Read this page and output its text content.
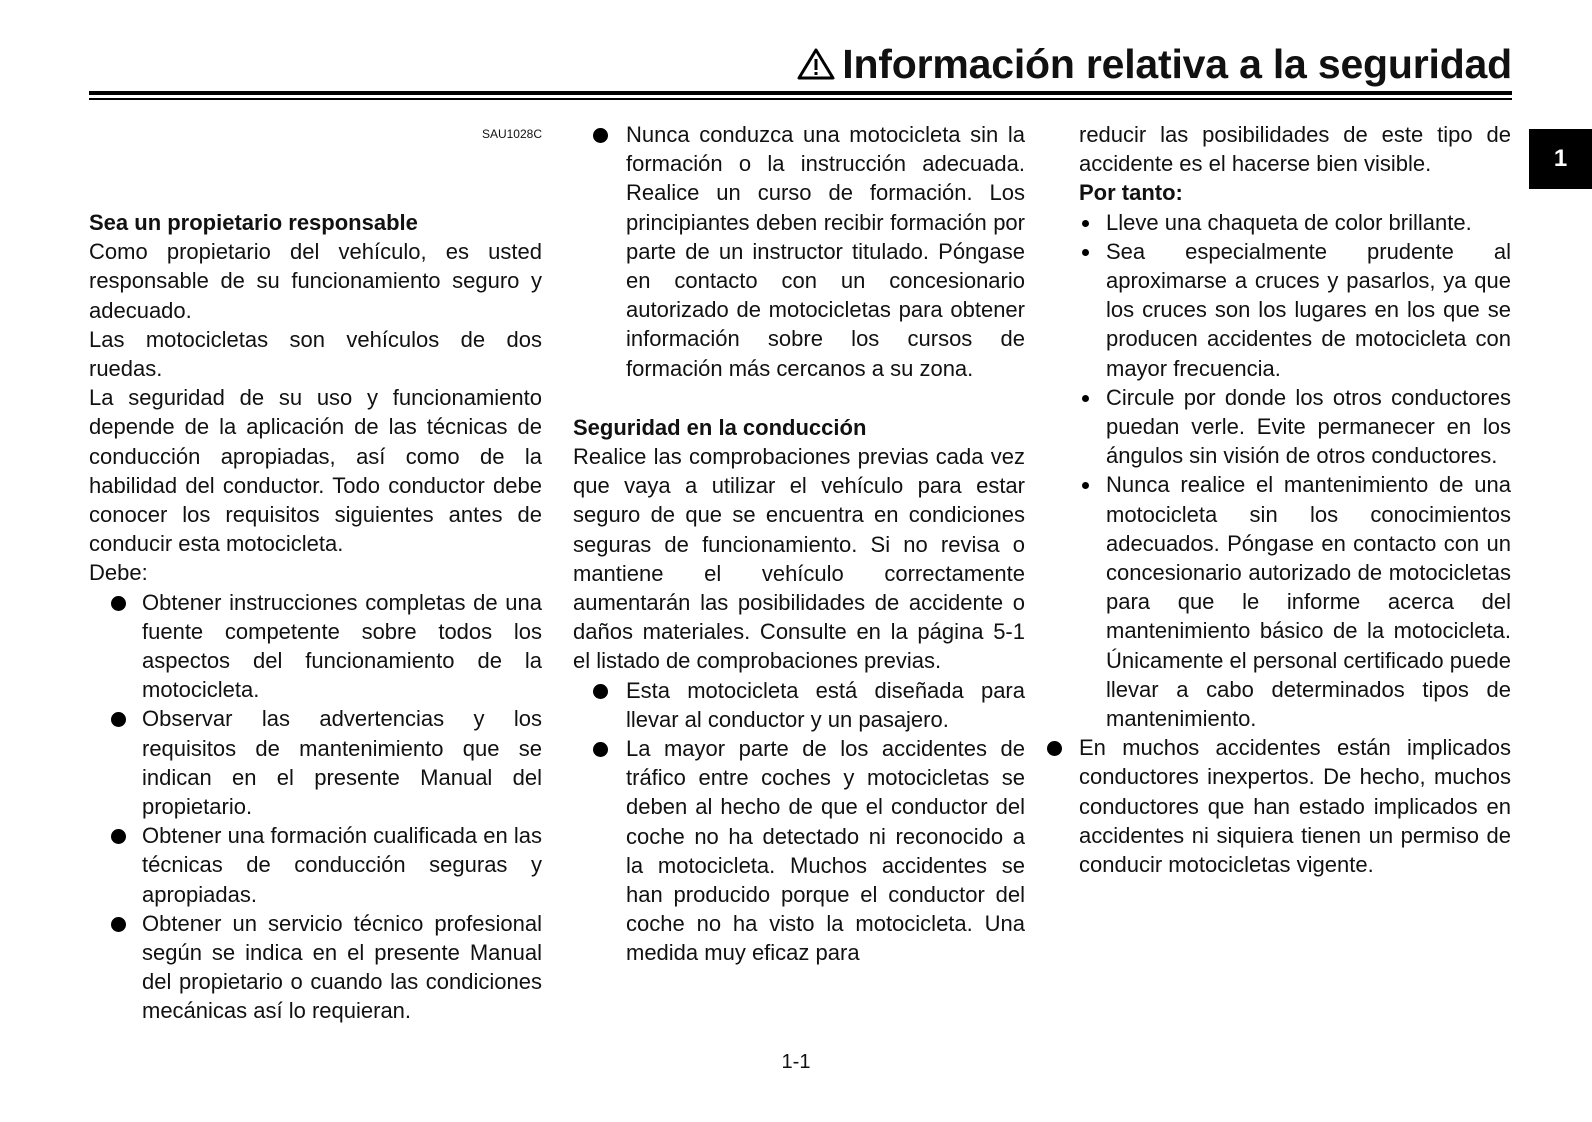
Información relativa a la seguridad
1
SAU1028C

Sea un propietario responsable

Como propietario del vehículo, es usted responsable de su funcionamiento seguro y adecuado.

Las motocicletas son vehículos de dos ruedas.

La seguridad de su uso y funcionamiento depende de la aplicación de las técnicas de conducción apropiadas, así como de la habilidad del conductor. Todo conductor debe conocer los requisitos siguientes antes de conducir esta motocicleta.

Debe:

Obtener instrucciones completas de una fuente competente sobre todos los aspectos del funcionamiento de la motocicleta.
Observar las advertencias y los requisitos de mantenimiento que se indican en el presente Manual del propietario.
Obtener una formación cualificada en las técnicas de conducción seguras y apropiadas.
Obtener un servicio técnico profesional según se indica en el presente Manual del propietario o cuando las condiciones mecánicas así lo requieran.
Nunca conduzca una motocicleta sin la formación o la instrucción adecuada. Realice un curso de formación. Los principiantes deben recibir formación por parte de un instructor titulado. Póngase en contacto con un concesionario autorizado de motocicletas para obtener información sobre los cursos de formación más cercanos a su zona.

Seguridad en la conducción

Realice las comprobaciones previas cada vez que vaya a utilizar el vehículo para estar seguro de que se encuentra en condiciones seguras de funcionamiento. Si no revisa o mantiene el vehículo correctamente aumentarán las posibilidades de accidente o daños materiales. Consulte en la página 5-1 el listado de comprobaciones previas.

Esta motocicleta está diseñada para llevar al conductor y un pasajero.
La mayor parte de los accidentes de tráfico entre coches y motocicletas se deben al hecho de que el conductor del coche no ha detectado ni reconocido a la motocicleta. Muchos accidentes se han producido porque el conductor del coche no ha visto la motocicleta. Una medida muy eficaz para

reducir las posibilidades de este tipo de accidente es el hacerse bien visible.

Por tanto:

Lleve una chaqueta de color brillante.
Sea especialmente prudente al aproximarse a cruces y pasarlos, ya que los cruces son los lugares en los que se producen accidentes de motocicleta con mayor frecuencia.
Circule por donde los otros conductores puedan verle. Evite permanecer en los ángulos sin visión de otros conductores.
Nunca realice el mantenimiento de una motocicleta sin los conocimientos adecuados. Póngase en contacto con un concesionario autorizado de motocicletas para que le informe acerca del mantenimiento básico de la motocicleta. Únicamente el personal certificado puede llevar a cabo determinados tipos de mantenimiento.
En muchos accidentes están implicados conductores inexpertos. De hecho, muchos conductores que han estado implicados en accidentes ni siquiera tienen un permiso de conducir motocicletas vigente.
1-1
